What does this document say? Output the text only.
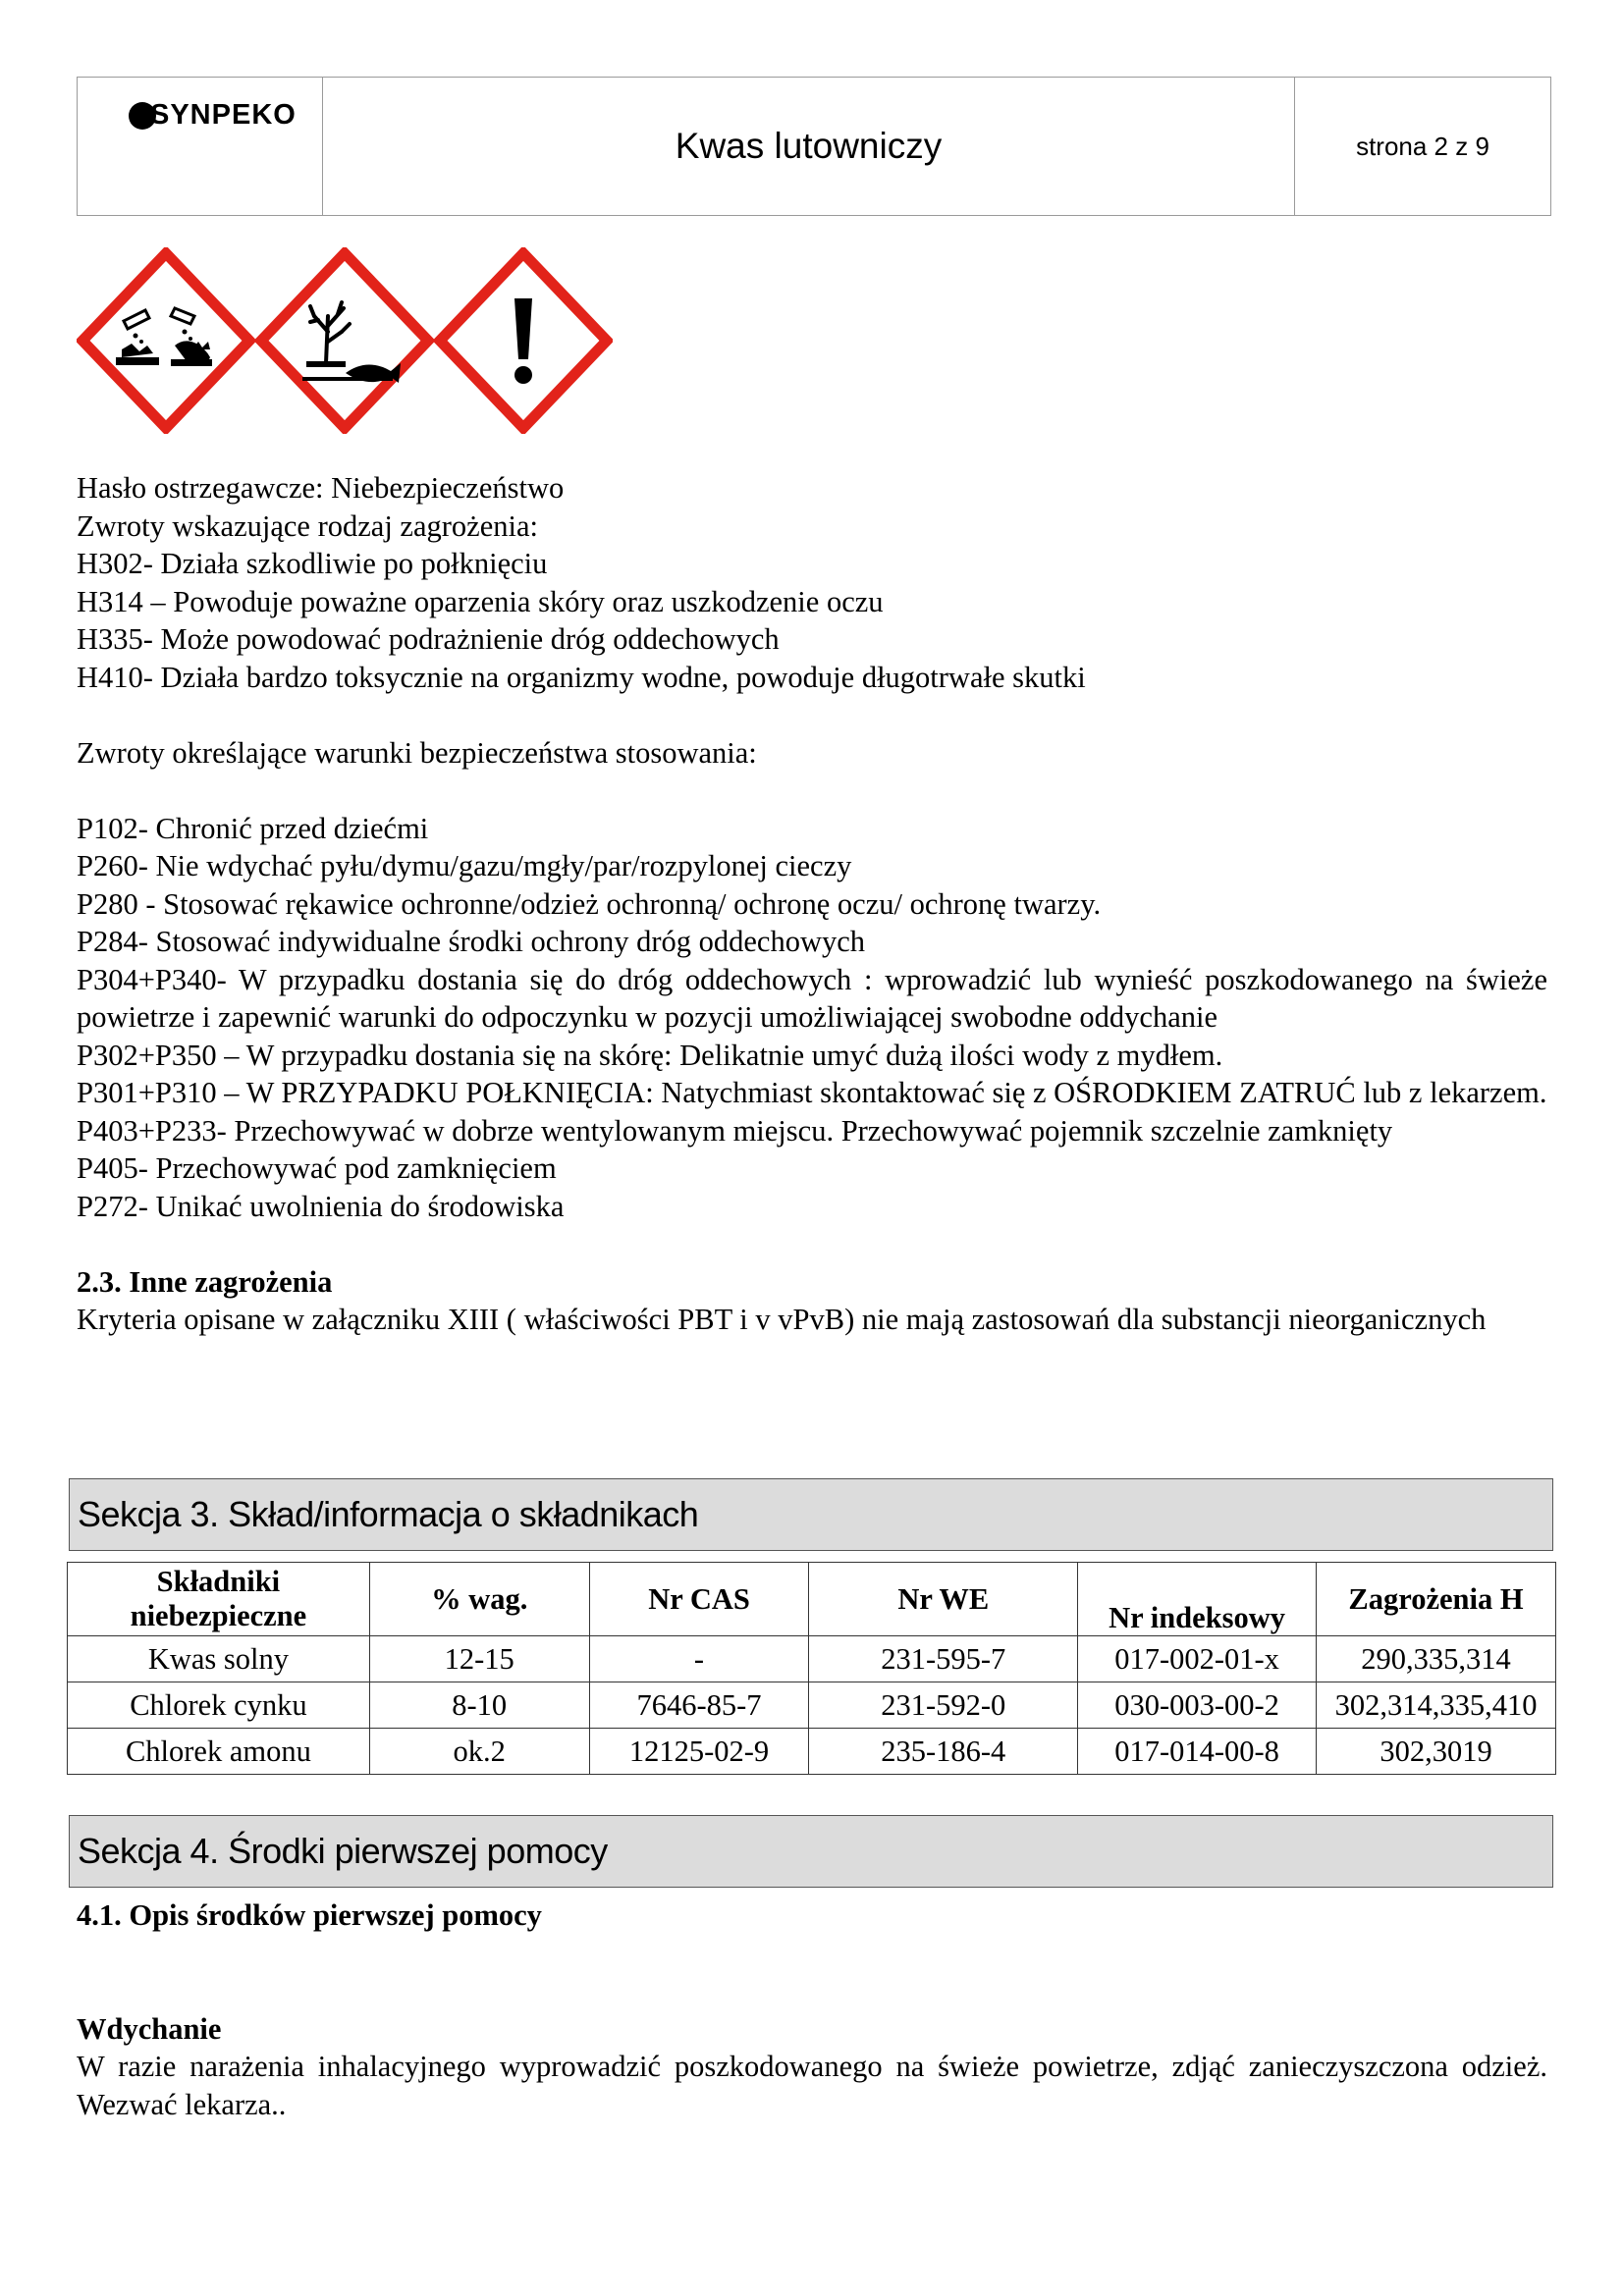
SYNPEKO
Kwas lutowniczy	strona 2 z 9
Hasło ostrzegawcze: Niebezpieczeństwo
Zwroty wskazujące rodzaj zagrożenia:
H302- Działa szkodliwie po połknięciu
H314 – Powoduje poważne oparzenia skóry oraz uszkodzenie oczu
H335- Może powodować podrażnienie dróg oddechowych
H410- Działa bardzo toksycznie na organizmy wodne, powoduje długotrwałe skutki
Zwroty określające warunki bezpieczeństwa stosowania:
P102- Chronić przed dziećmi
P260- Nie wdychać pyłu/dymu/gazu/mgły/par/rozpylonej cieczy
P280 - Stosować rękawice ochronne/odzież ochronną/ ochronę oczu/ ochronę twarzy.
P284- Stosować indywidualne środki ochrony dróg oddechowych
P304+P340- W przypadku dostania się do dróg oddechowych : wprowadzić lub wynieść poszkodowanego na świeże powietrze i zapewnić warunki do odpoczynku w pozycji umożliwiającej swobodne oddychanie
P302+P350 – W przypadku dostania się na skórę: Delikatnie umyć dużą ilości wody z mydłem.
P301+P310 – W PRZYPADKU POŁKNIĘCIA: Natychmiast skontaktować się z OŚRODKIEM ZATRUĆ lub z lekarzem.
P403+P233- Przechowywać w dobrze wentylowanym miejscu. Przechowywać pojemnik szczelnie zamknięty
P405- Przechowywać pod zamknięciem
P272- Unikać uwolnienia do środowiska
2.3. Inne zagrożenia
Kryteria opisane w załączniku XIII ( właściwości PBT i v vPvB) nie mają zastosowań dla substancji nieorganicznych
Sekcja 3. Skład/informacja o składnikach
Składniki niebezpieczne	% wag.	Nr CAS	Nr WE	Nr indeksowy	Zagrożenia H
Kwas solny	12-15	-	231-595-7	017-002-01-x	290,335,314
Chlorek cynku	8-10	7646-85-7	231-592-0	030-003-00-2	302,314,335,410
Chlorek amonu	ok.2	12125-02-9	235-186-4	017-014-00-8	302,3019
Sekcja 4. Środki pierwszej pomocy
4.1. Opis środków pierwszej pomocy
Wdychanie
W razie narażenia inhalacyjnego wyprowadzić poszkodowanego na świeże powietrze, zdjąć zanieczyszczona odzież. Wezwać lekarza..
